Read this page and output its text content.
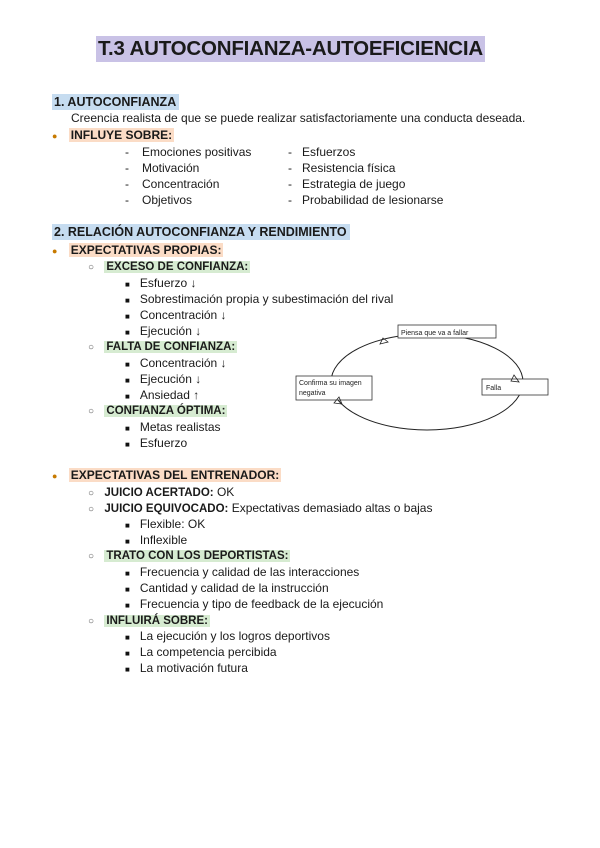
T.3 AUTOCONFIANZA-AUTOEFICIENCIA
1. AUTOCONFIANZA
Creencia realista de que se puede realizar satisfactoriamente una conducta deseada.
● INFLUYE SOBRE:
- Emociones positivas
- Motivación
- Concentración
- Objetivos
- Esfuerzos
- Resistencia física
- Estrategia de juego
- Probabilidad de lesionarse
2. RELACIÓN AUTOCONFIANZA Y RENDIMIENTO
● EXPECTATIVAS PROPIAS:
○ EXCESO DE CONFIANZA:
■ Esfuerzo ↓
■ Sobrestimación propia y subestimación del rival
■ Concentración ↓
■ Ejecución ↓
○ FALTA DE CONFIANZA:
■ Concentración ↓
■ Ejecución ↓
■ Ansiedad ↑
○ CONFIANZA ÓPTIMA:
■ Metas realistas
■ Esfuerzo
Piensa que va a fallar
Falla
Confirma su imagen
negativa
● EXPECTATIVAS DEL ENTRENADOR:
○ JUICIO ACERTADO: OK
○ JUICIO EQUIVOCADO: Expectativas demasiado altas o bajas
■ Flexible: OK
■ Inflexible
○ TRATO CON LOS DEPORTISTAS:
■ Frecuencia y calidad de las interacciones
■ Cantidad y calidad de la instrucción
■ Frecuencia y tipo de feedback de la ejecución
○ INFLUIRÁ SOBRE:
■ La ejecución y los logros deportivos
■ La competencia percibida
■ La motivación futura
